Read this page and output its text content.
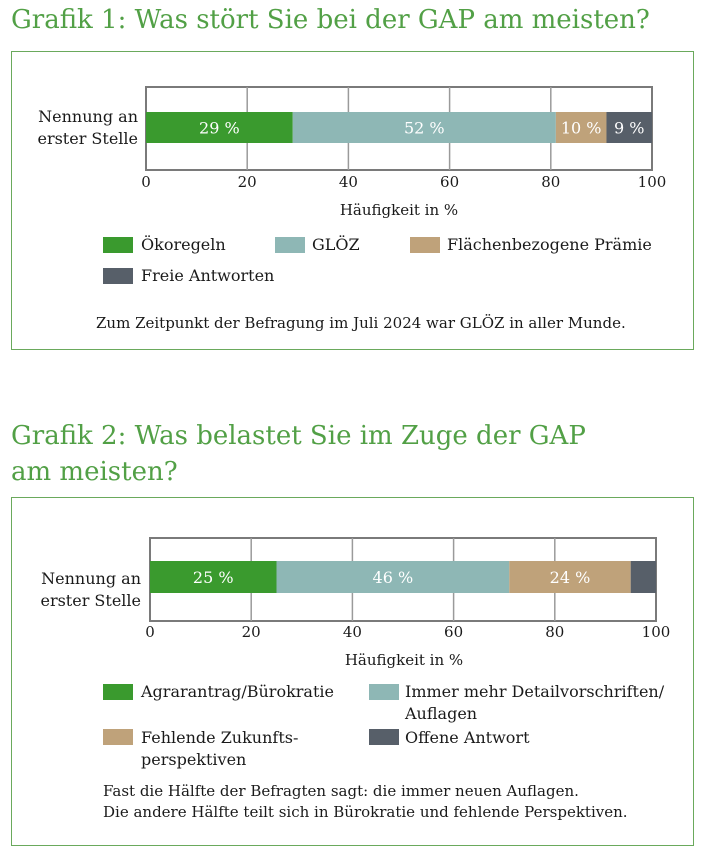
Grafik 1: Was stört Sie bei der GAP am meisten?
Nennung an
erster Stelle
Häufigkeit in %
0	20	40	60	80	100
29 %	52 %	10 % 9 %
Ökoregeln	GLÖZ	Flächenbezogene Prämie
Freie Antworten
Zum Zeitpunkt der Befragung im Juli 2024 war GLÖZ in aller Munde.
Grafik 2: Was belastet Sie im Zuge der GAP
am meisten?
Nennung an
erster Stelle
Häufigkeit in %
0	20	40	60	80	100
25 %	46 %	24 %
Agrarantrag/Bürokratie	Immer mehr Detailvorschriften/
Auflagen
Fehlende Zukunfts-
perspektiven
Offene Antwort
Fast die Hälfte der Befragten sagt: die immer neuen Auflagen.
Die andere Hälfte teilt sich in Bürokratie und fehlende Perspektiven.
